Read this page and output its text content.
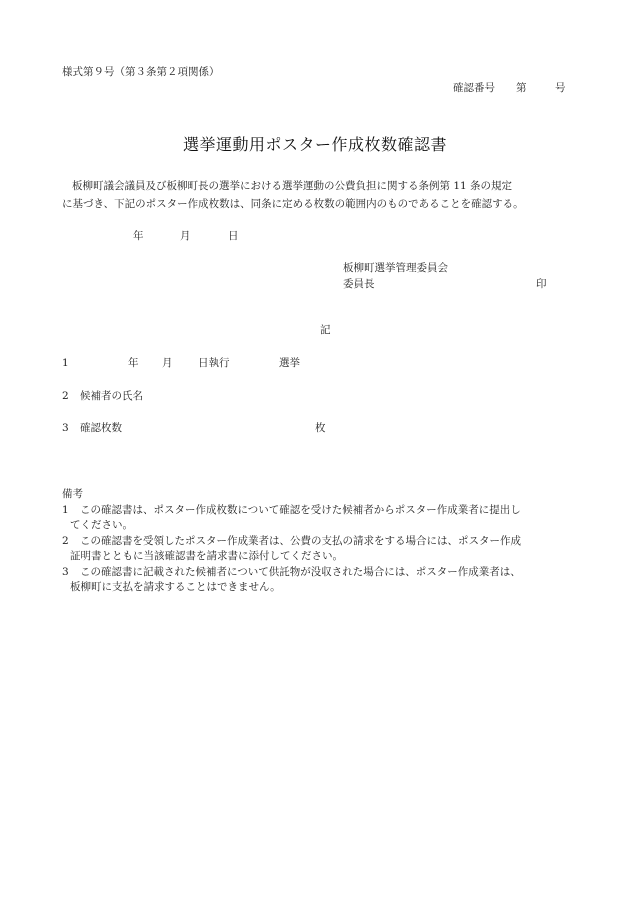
様式第９号（第３条第２項関係）
確認番号 第	号
選挙運動用ポスター作成枚数確認書
板柳町議会議員及び板柳町長の選挙における選挙運動の公費負担に関する条例第 11 条の規定
に基づき、下記のポスター作成枚数は、同条に定める枚数の範囲内のものであることを確認する。
年	月	日
板柳町選挙管理委員会
委員長	印
記
1	年 月 日執行	選挙
2 候補者の氏名
3 確認枚数	枚
備考
1 この確認書は、ポスター作成枚数について確認を受けた候補者からポスター作成業者に提出し
てください。
2 この確認書を受領したポスター作成業者は、公費の支払の請求をする場合には、ポスター作成
証明書とともに当該確認書を請求書に添付してください。
3 この確認書に記載された候補者について供託物が没収された場合には、ポスター作成業者は、
板柳町に支払を請求することはできません。
